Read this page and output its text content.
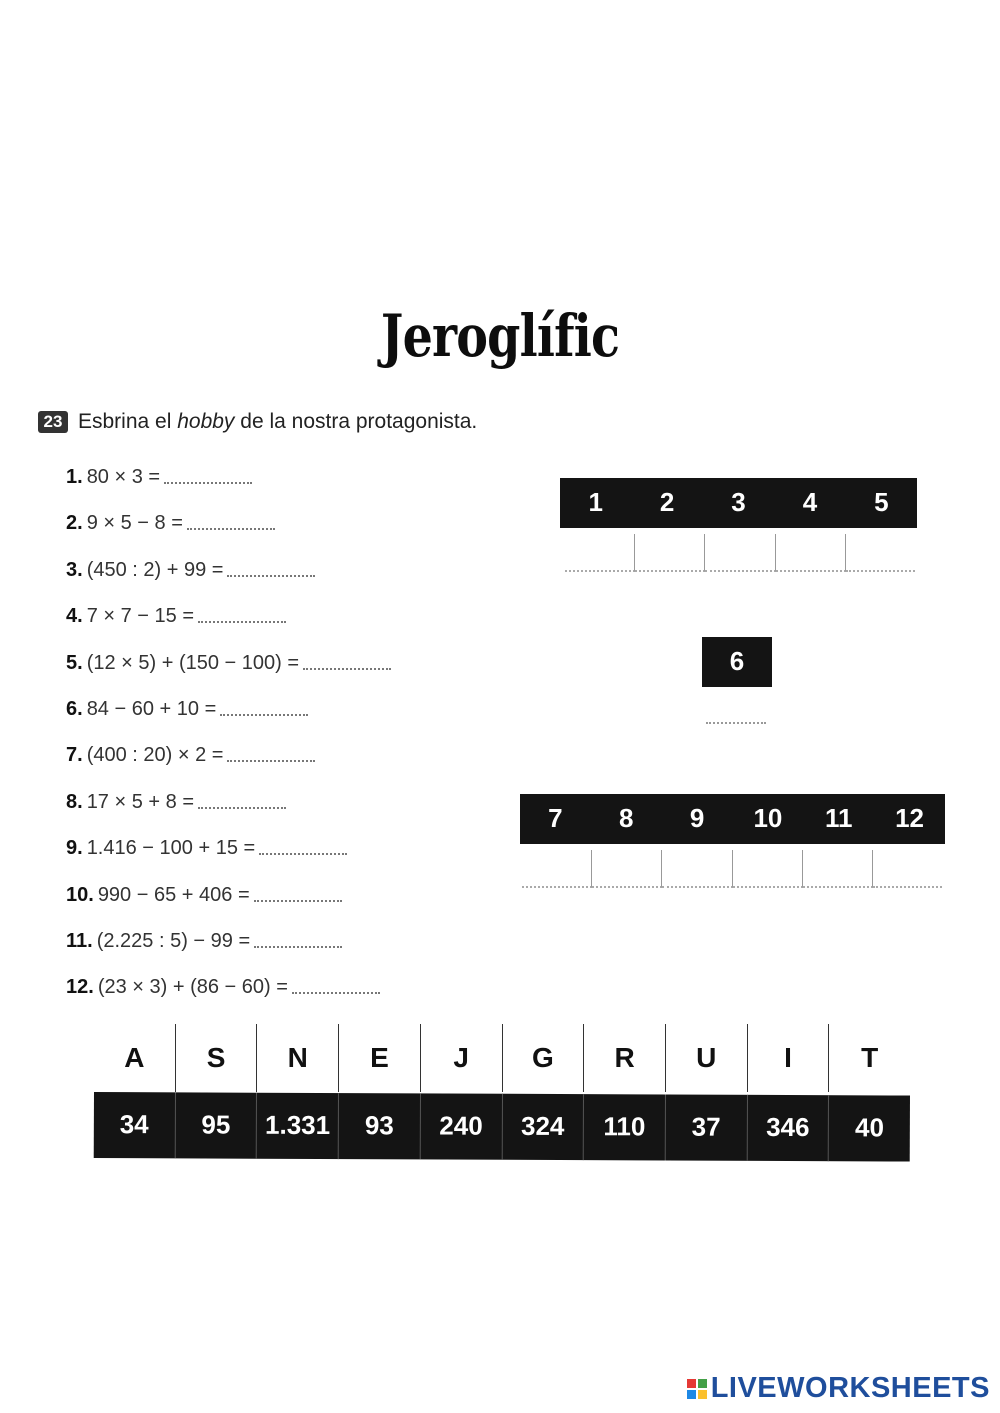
Jeroglífic
23 Esbrina el hobby de la nostra protagonista.
1. 80 × 3 =
2. 9 × 5 − 8 =
3. (450 : 2) + 99 =
4. 7 × 7 − 15 =
5. (12 × 5) + (150 − 100) =
6. 84 − 60 + 10 =
7. (400 : 20) × 2 =
8. 17 × 5 + 8 =
9. 1.416 − 100 + 15 =
10. 990 − 65 + 406 =
11. (2.225 : 5) − 99 =
12. (23 × 3) + (86 − 60) =
1	2	3	4	5
6
7	8	9	10	11	12
A	S	N	E	J	G	R	U	I	T
34	95	1.331	93	240	324	110	37	346	40
LIVEWORKSHEETS
